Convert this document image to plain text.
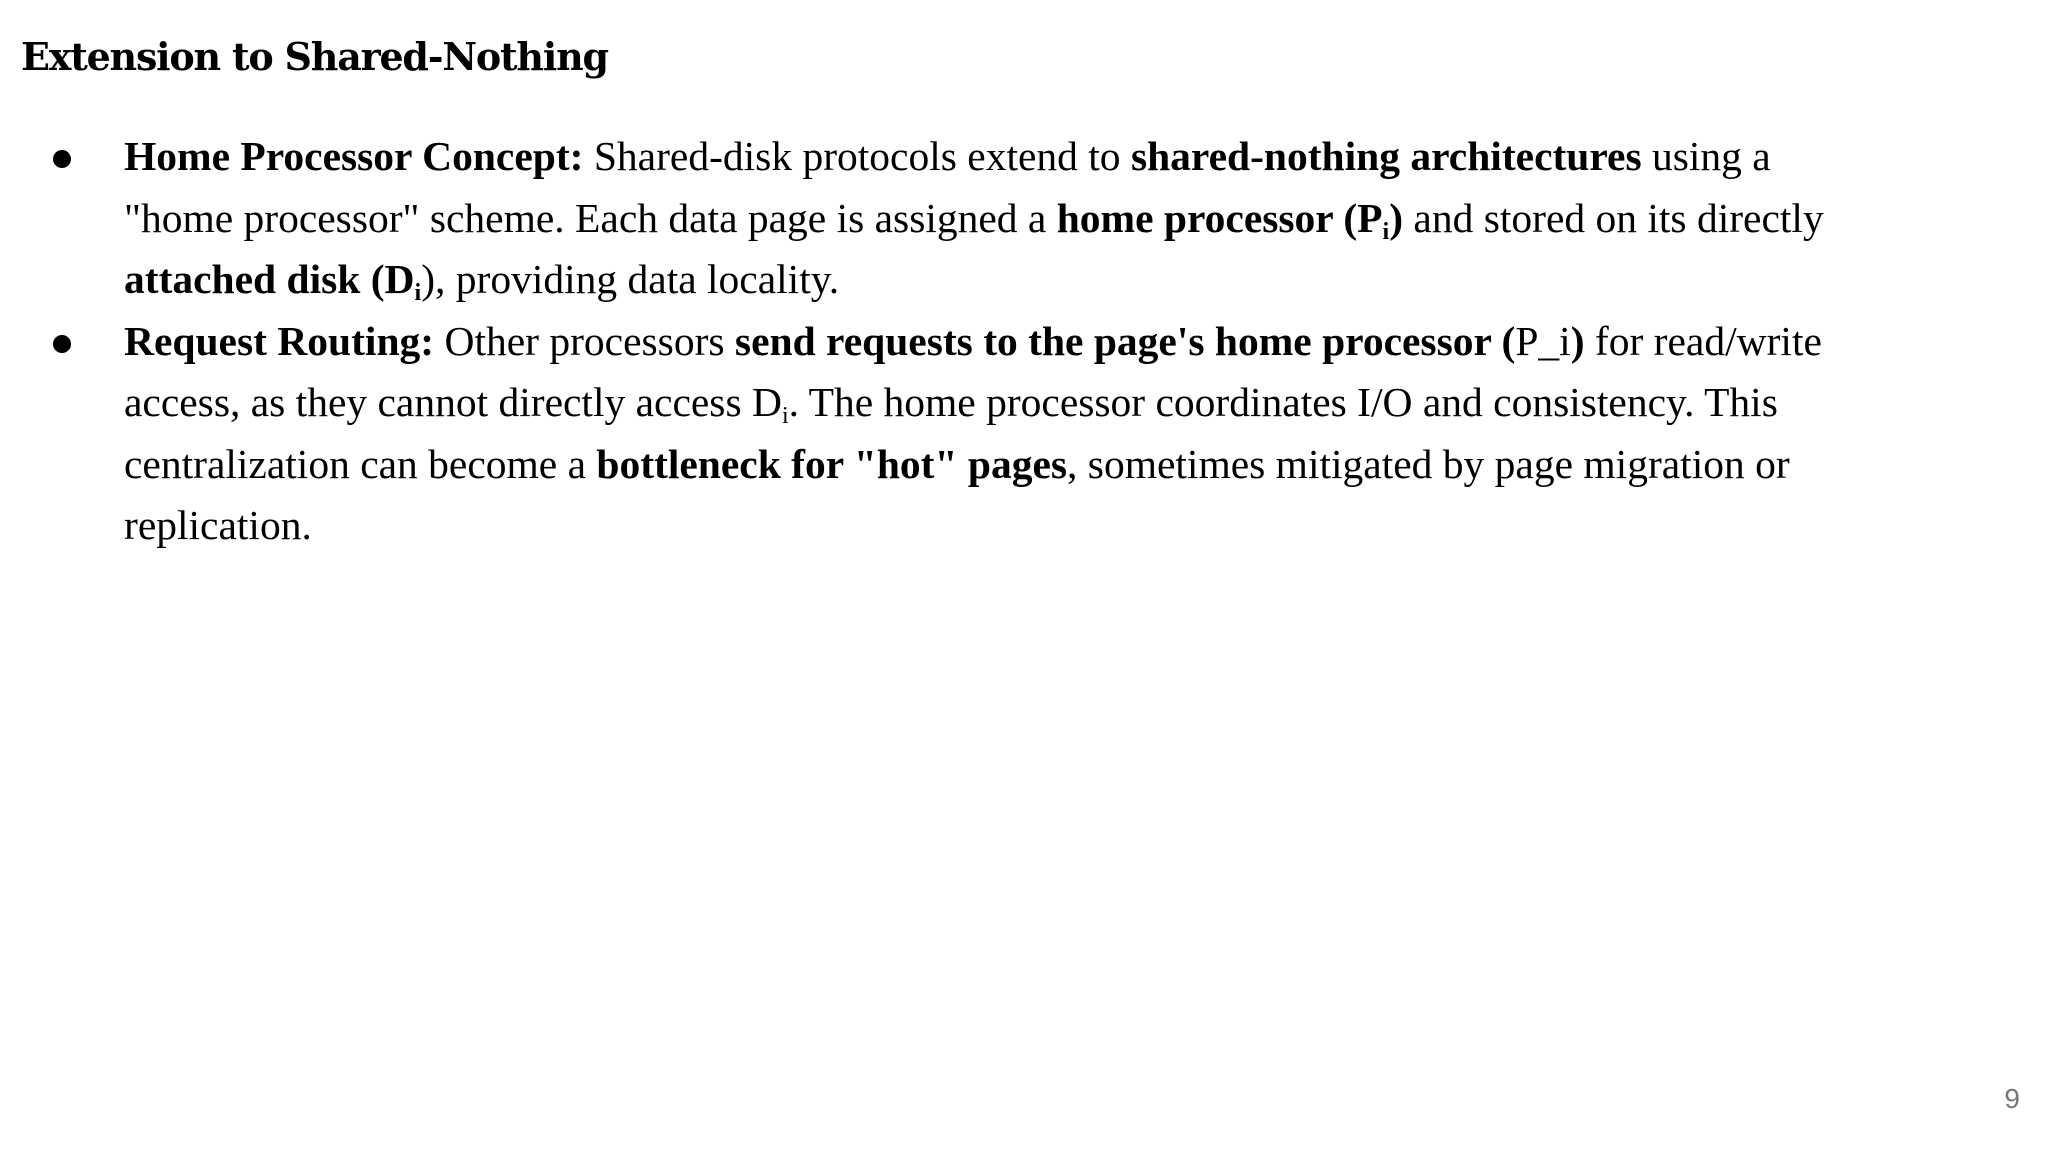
Extension to Shared-Nothing
Home Processor Concept: Shared-disk protocols extend to shared-nothing architectures using a
"home processor" scheme. Each data page is assigned a home processor $(P_i)$ and stored on its directly
attached disk $(D_i)$, providing data locality.
Request Routing: Other processors send requests to the page's home processor (P_i) for read/write
access, as they cannot directly access $D_i$. The home processor coordinates I/O and consistency. This
centralization can become a bottleneck for "hot" pages, sometimes mitigated by page migration or
replication.
9
